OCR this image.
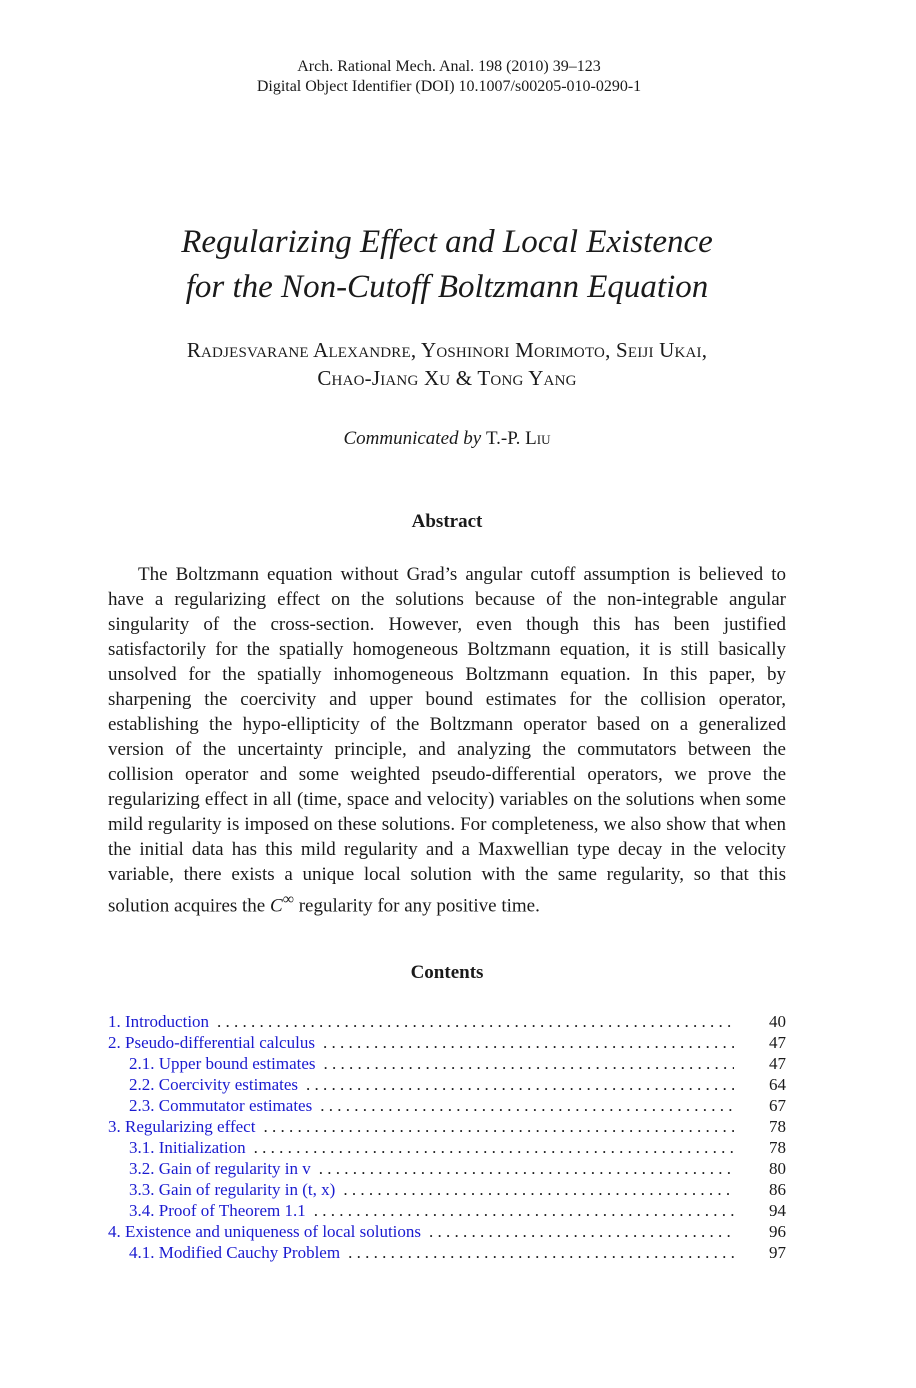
Arch. Rational Mech. Anal. 198 (2010) 39–123
Digital Object Identifier (DOI) 10.1007/s00205-010-0290-1
Regularizing Effect and Local Existence
for the Non-Cutoff Boltzmann Equation
Radjesvarane Alexandre, Yoshinori Morimoto, Seiji Ukai,
Chao-Jiang Xu & Tong Yang
Communicated by T.-P. Liu
Abstract

The Boltzmann equation without Grad’s angular cutoff assumption is believed to have a regularizing effect on the solutions because of the non-integrable angular singularity of the cross-section. However, even though this has been justified satisfactorily for the spatially homogeneous Boltzmann equation, it is still basically unsolved for the spatially inhomogeneous Boltzmann equation. In this paper, by sharpening the coercivity and upper bound estimates for the collision operator, establishing the hypo-ellipticity of the Boltzmann operator based on a generalized version of the uncertainty principle, and analyzing the commutators between the collision operator and some weighted pseudo-differential operators, we prove the regularizing effect in all (time, space and velocity) variables on the solutions when some mild regularity is imposed on these solutions. For completeness, we also show that when the initial data has this mild regularity and a Maxwellian type decay in the velocity variable, there exists a unique local solution with the same regularity, so that this solution acquires the C∞ regularity for any positive time.

Contents
1. Introduction . . .	40
2. Pseudo-differential calculus . . .	47
2.1. Upper bound estimates . . .	47
2.2. Coercivity estimates . . .	64
2.3. Commutator estimates . . .	67
3. Regularizing effect . . .	78
3.1. Initialization . . .	78
3.2. Gain of regularity in v . . .	80
3.3. Gain of regularity in (t, x) . . .	86
3.4. Proof of Theorem 1.1 . . .	94
4. Existence and uniqueness of local solutions . . .	96
4.1. Modified Cauchy Problem . . .	97
